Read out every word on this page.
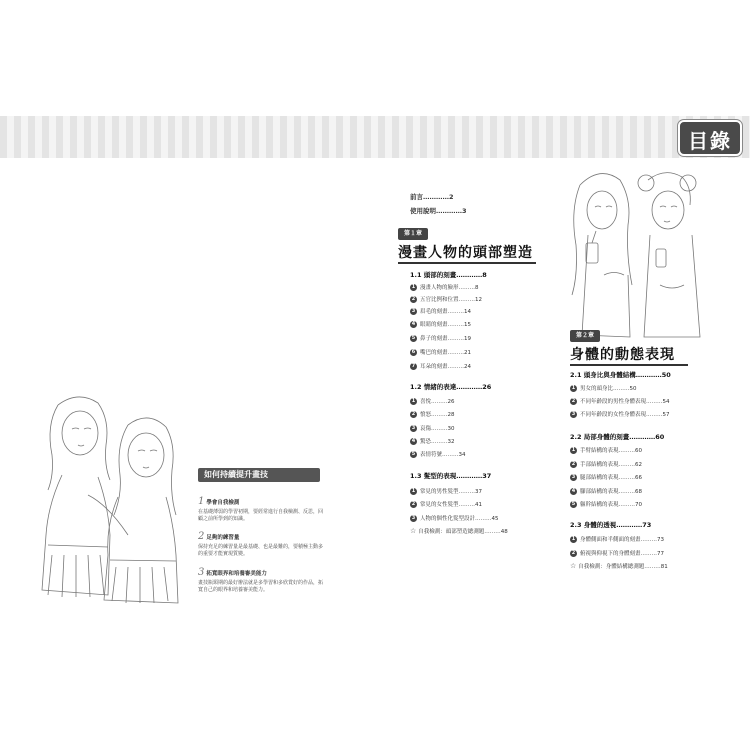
目錄
如何持續提升畫技
1 學會自我檢測
在基礎薄弱的學習初期，要經常進行自我檢測、反思，回顧之前所學到的知識。
2 足夠的練習量
保持充足的練習量是最基礎、也是最難的，要積極主動多的重要才能實現質變。
3 拓寬眼界和培養審美能力
畫技瓶頸期的最好辦法就是多學習和多欣賞好的作品，拓寬自己的眼界和培養審美能力。
前言…………2
使用說明…………3
第１章
漫畫人物的頭部塑造
1.1 頭部的刻畫…………8
1 漫畫人物的臉形………8
2 五官比例和位置………12
3 眉毛的刻畫………14
4 眼睛的刻畫………15
5 鼻子的刻畫………19
6 嘴巴的刻畫………21
7 耳朵的刻畫………24
1.2 情緒的表達…………26
1 喜悅………26
2 憤怒………28
3 哀傷………30
4 驚恐………32
5 表情符號………34
1.3 髮型的表現…………37
1 常見的男性髮型………37
2 常見的女性髮型………41
3 人物的個性化髮型設計………45
☆ 自我檢測：頭部塑造總測題………48
第２章
身體的動態表現
2.1 頭身比與身體結構…………50
1 男女的頭身比………50
2 不同年齡段的男性身體表現………54
3 不同年齡段的女性身體表現………57
2.2 局部身體的刻畫…………60
1 手臂結構的表現………60
2 手部結構的表現………62
3 腿部結構的表現………66
4 腳部結構的表現………68
5 軀幹結構的表現………70
2.3 身體的透視…………73
1 身體側面和半側面的刻畫………73
2 俯視與仰視下的身體刻畫………77
☆ 自我檢測：身體結構總測題………81
